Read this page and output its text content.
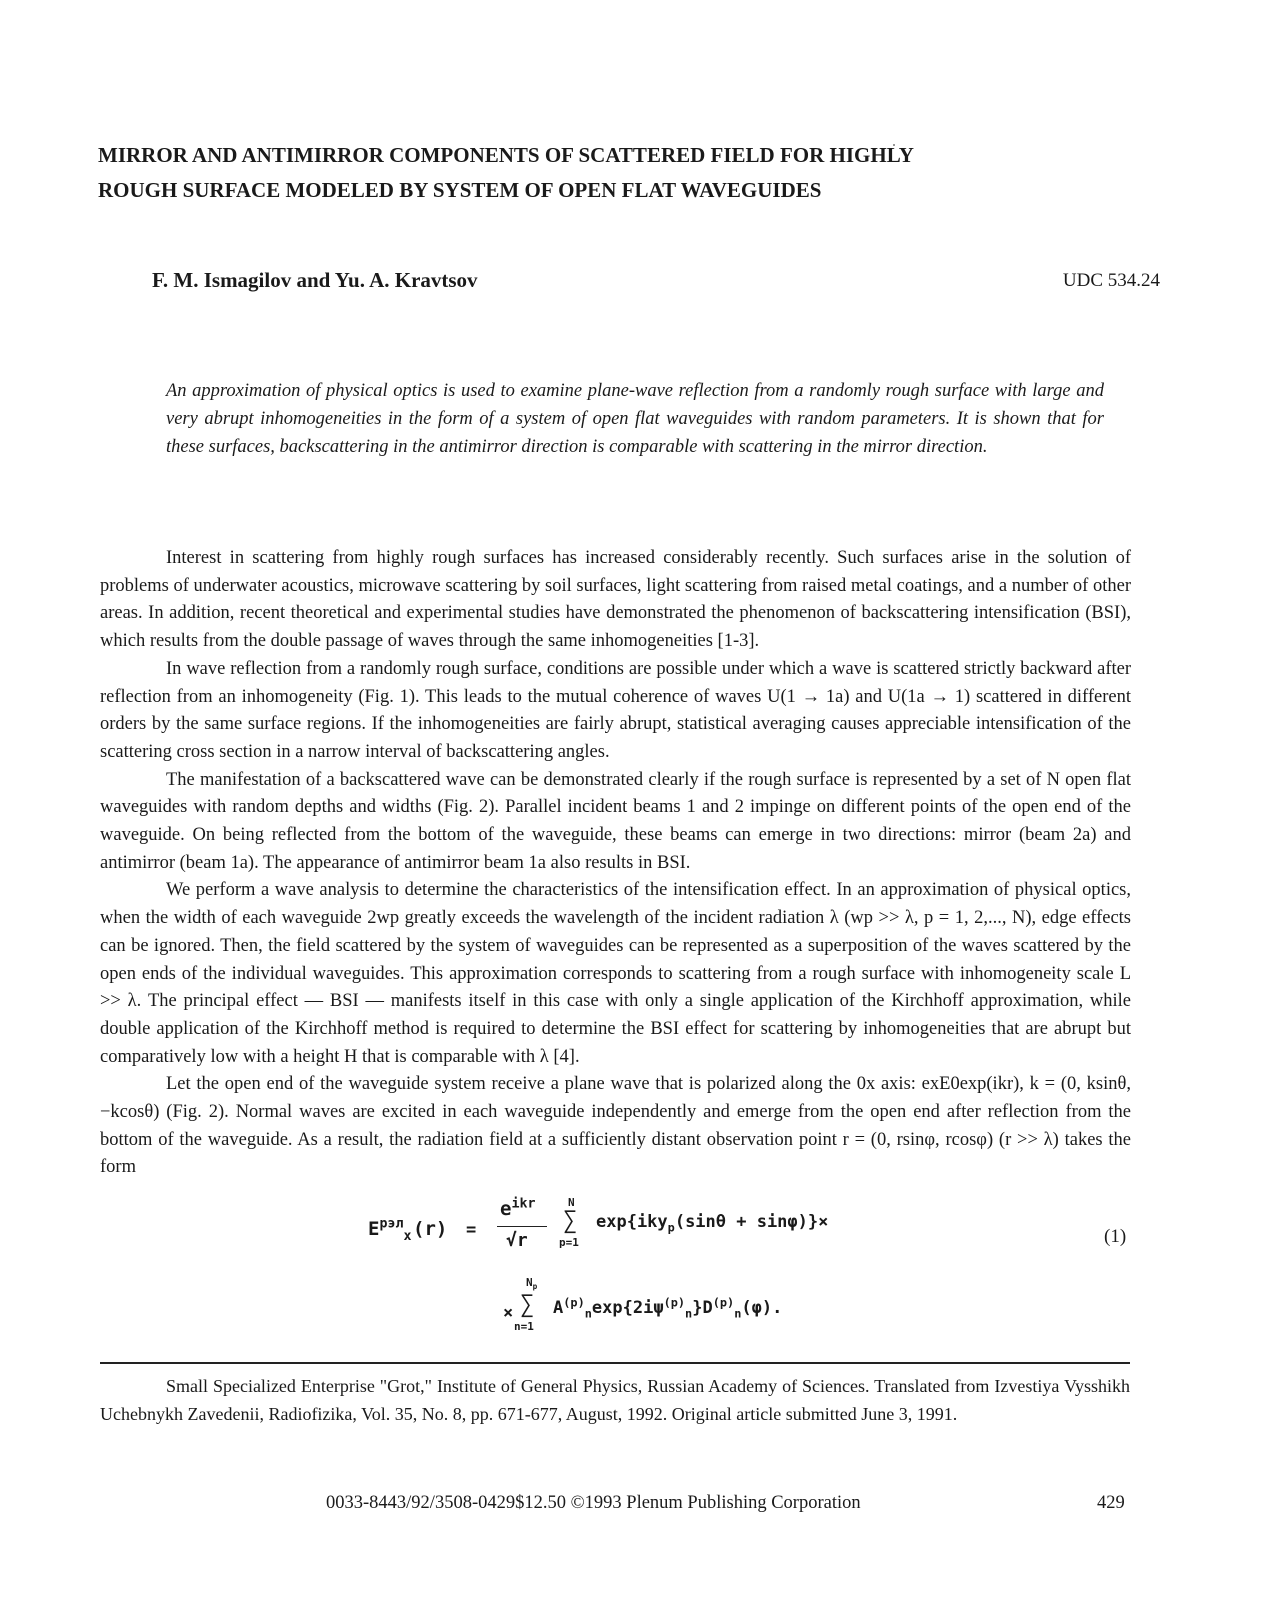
MIRROR AND ANTIMIRROR COMPONENTS OF SCATTERED FIELD FOR HIGHLY ROUGH SURFACE MODELED BY SYSTEM OF OPEN FLAT WAVEGUIDES
F. M. Ismagilov and Yu. A. Kravtsov	UDC 534.24
An approximation of physical optics is used to examine plane-wave reflection from a randomly rough surface with large and very abrupt inhomogeneities in the form of a system of open flat waveguides with random parameters. It is shown that for these surfaces, backscattering in the antimirror direction is comparable with scattering in the mirror direction.

Interest in scattering from highly rough surfaces has increased considerably recently. Such surfaces arise in the solution of problems of underwater acoustics, microwave scattering by soil surfaces, light scattering from raised metal coatings, and a number of other areas. In addition, recent theoretical and experimental studies have demonstrated the phenomenon of backscattering intensification (BSI), which results from the double passage of waves through the same inhomogeneities [1-3].

In wave reflection from a randomly rough surface, conditions are possible under which a wave is scattered strictly backward after reflection from an inhomogeneity (Fig. 1). This leads to the mutual coherence of waves U(1 → 1a) and U(1a → 1) scattered in different orders by the same surface regions. If the inhomogeneities are fairly abrupt, statistical averaging causes appreciable intensification of the scattering cross section in a narrow interval of backscattering angles.

The manifestation of a backscattered wave can be demonstrated clearly if the rough surface is represented by a set of N open flat waveguides with random depths and widths (Fig. 2). Parallel incident beams 1 and 2 impinge on different points of the open end of the waveguide. On being reflected from the bottom of the waveguide, these beams can emerge in two directions: mirror (beam 2a) and antimirror (beam 1a). The appearance of antimirror beam 1a also results in BSI.

We perform a wave analysis to determine the characteristics of the intensification effect. In an approximation of physical optics, when the width of each waveguide 2wp greatly exceeds the wavelength of the incident radiation λ (wp >> λ, p = 1, 2,..., N), edge effects can be ignored. Then, the field scattered by the system of waveguides can be represented as a superposition of the waves scattered by the open ends of the individual waveguides. This approximation corresponds to scattering from a rough surface with inhomogeneity scale L >> λ. The principal effect — BSI — manifests itself in this case with only a single application of the Kirchhoff approximation, while double application of the Kirchhoff method is required to determine the BSI effect for scattering by inhomogeneities that are abrupt but comparatively low with a height H that is comparable with λ [4].

Let the open end of the waveguide system receive a plane wave that is polarized along the 0x axis: exE0exp(ikr), k = (0, ksinθ, −kcosθ) (Fig. 2). Normal waves are excited in each waveguide independently and emerge from the open end after reflection from the bottom of the waveguide. As a result, the radiation field at a sufficiently distant observation point r = (0, rsinφ, rcosφ) (r >> λ) takes the form

$E^{рэл}_x$ (r) =
$e^{ikr}$
√r
N
∑
p=1
exp{iky$_p$(sinθ + sinφ)}×
×
$N_p$
∑
n=1
$A^{(p)}_n\exp\{2i\psi^{(p)}_n\}D^{(p)}_n(\varphi)$.
(1)
Small Specialized Enterprise "Grot," Institute of General Physics, Russian Academy of Sciences. Translated from Izvestiya Vysshikh Uchebnykh Zavedenii, Radiofizika, Vol. 35, No. 8, pp. 671-677, August, 1992. Original article submitted June 3, 1991.
0033-8443/92/3508-0429$12.50 ©1993 Plenum Publishing Corporation	429
